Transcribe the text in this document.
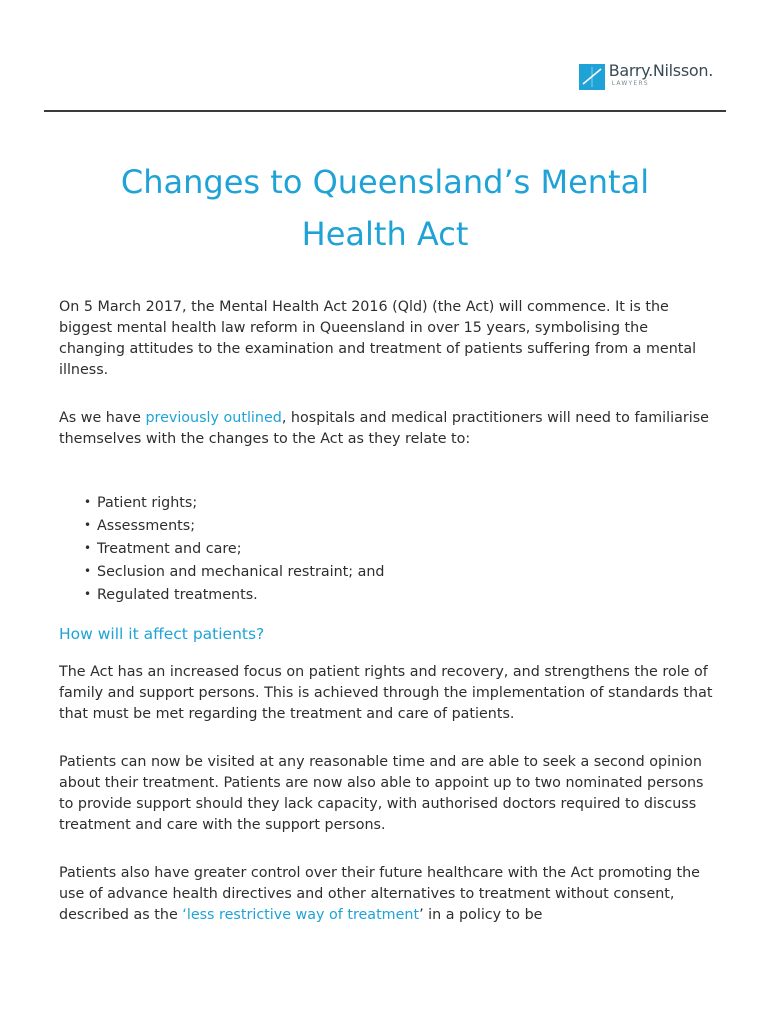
Barry.Nilsson.
LAWYERS
Changes to Queensland’s Mental
Health Act

On 5 March 2017, the Mental Health Act 2016 (Qld) (the Act) will commence. It is the biggest mental health law reform in Queensland in over 15 years, symbolising the changing attitudes to the examination and treatment of patients suffering from a mental illness.

As we have previously outlined, hospitals and medical practitioners will need to familiarise themselves with the changes to the Act as they relate to:

• Patient rights;
• Assessments;
• Treatment and care;
• Seclusion and mechanical restraint; and
• Regulated treatments.
How will it affect patients?

The Act has an increased focus on patient rights and recovery, and strengthens the role of family and support persons. This is achieved through the implementation of standards that that must be met regarding the treatment and care of patients.

Patients can now be visited at any reasonable time and are able to seek a second opinion about their treatment. Patients are now also able to appoint up to two nominated persons to provide support should they lack capacity, with authorised doctors required to discuss treatment and care with the support persons.

Patients also have greater control over their future healthcare with the Act promoting the use of advance health directives and other alternatives to treatment without consent, described as the ‘less restrictive way of treatment’ in a policy to be
